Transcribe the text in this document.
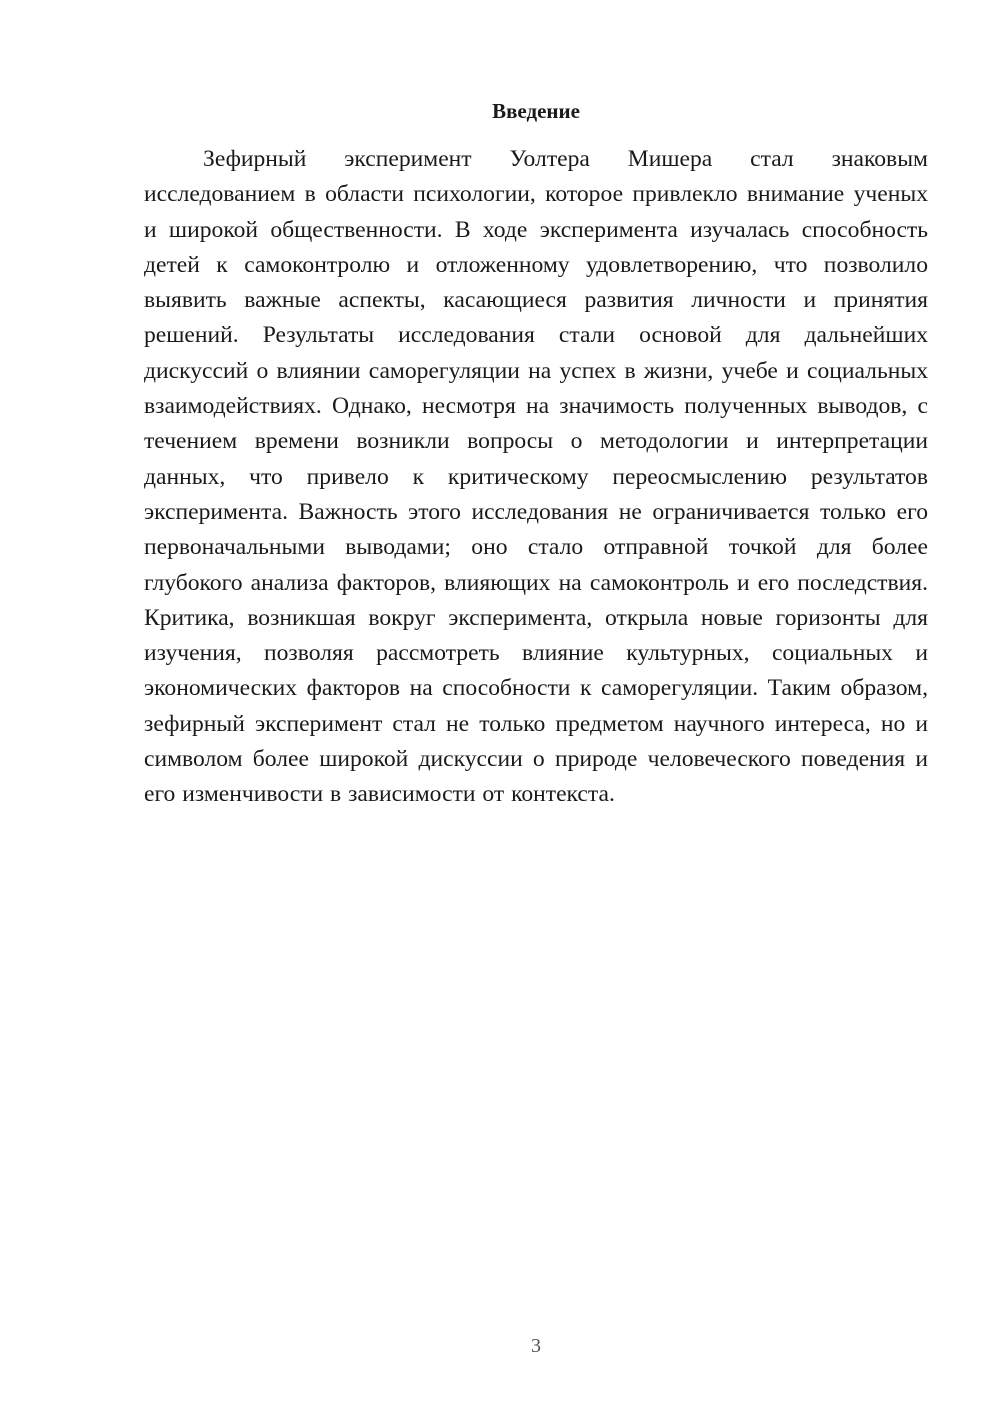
Введение

Зефирный эксперимент Уолтера Мишера стал знаковым исследованием в области психологии, которое привлекло внимание ученых и широкой общественности. В ходе эксперимента изучалась способность детей к самоконтролю и отложенному удовлетворению, что позволило выявить важные аспекты, касающиеся развития личности и принятия решений. Результаты исследования стали основой для дальнейших дискуссий о влиянии саморегуляции на успех в жизни, учебе и социальных взаимодействиях. Однако, несмотря на значимость полученных выводов, с течением времени возникли вопросы о методологии и интерпретации данных, что привело к критическому переосмыслению результатов эксперимента. Важность этого исследования не ограничивается только его первоначальными выводами; оно стало отправной точкой для более глубокого анализа факторов, влияющих на самоконтроль и его последствия. Критика, возникшая вокруг эксперимента, открыла новые горизонты для изучения, позволяя рассмотреть влияние культурных, социальных и экономических факторов на способности к саморегуляции. Таким образом, зефирный эксперимент стал не только предметом научного интереса, но и символом более широкой дискуссии о природе человеческого поведения и его изменчивости в зависимости от контекста.

3
